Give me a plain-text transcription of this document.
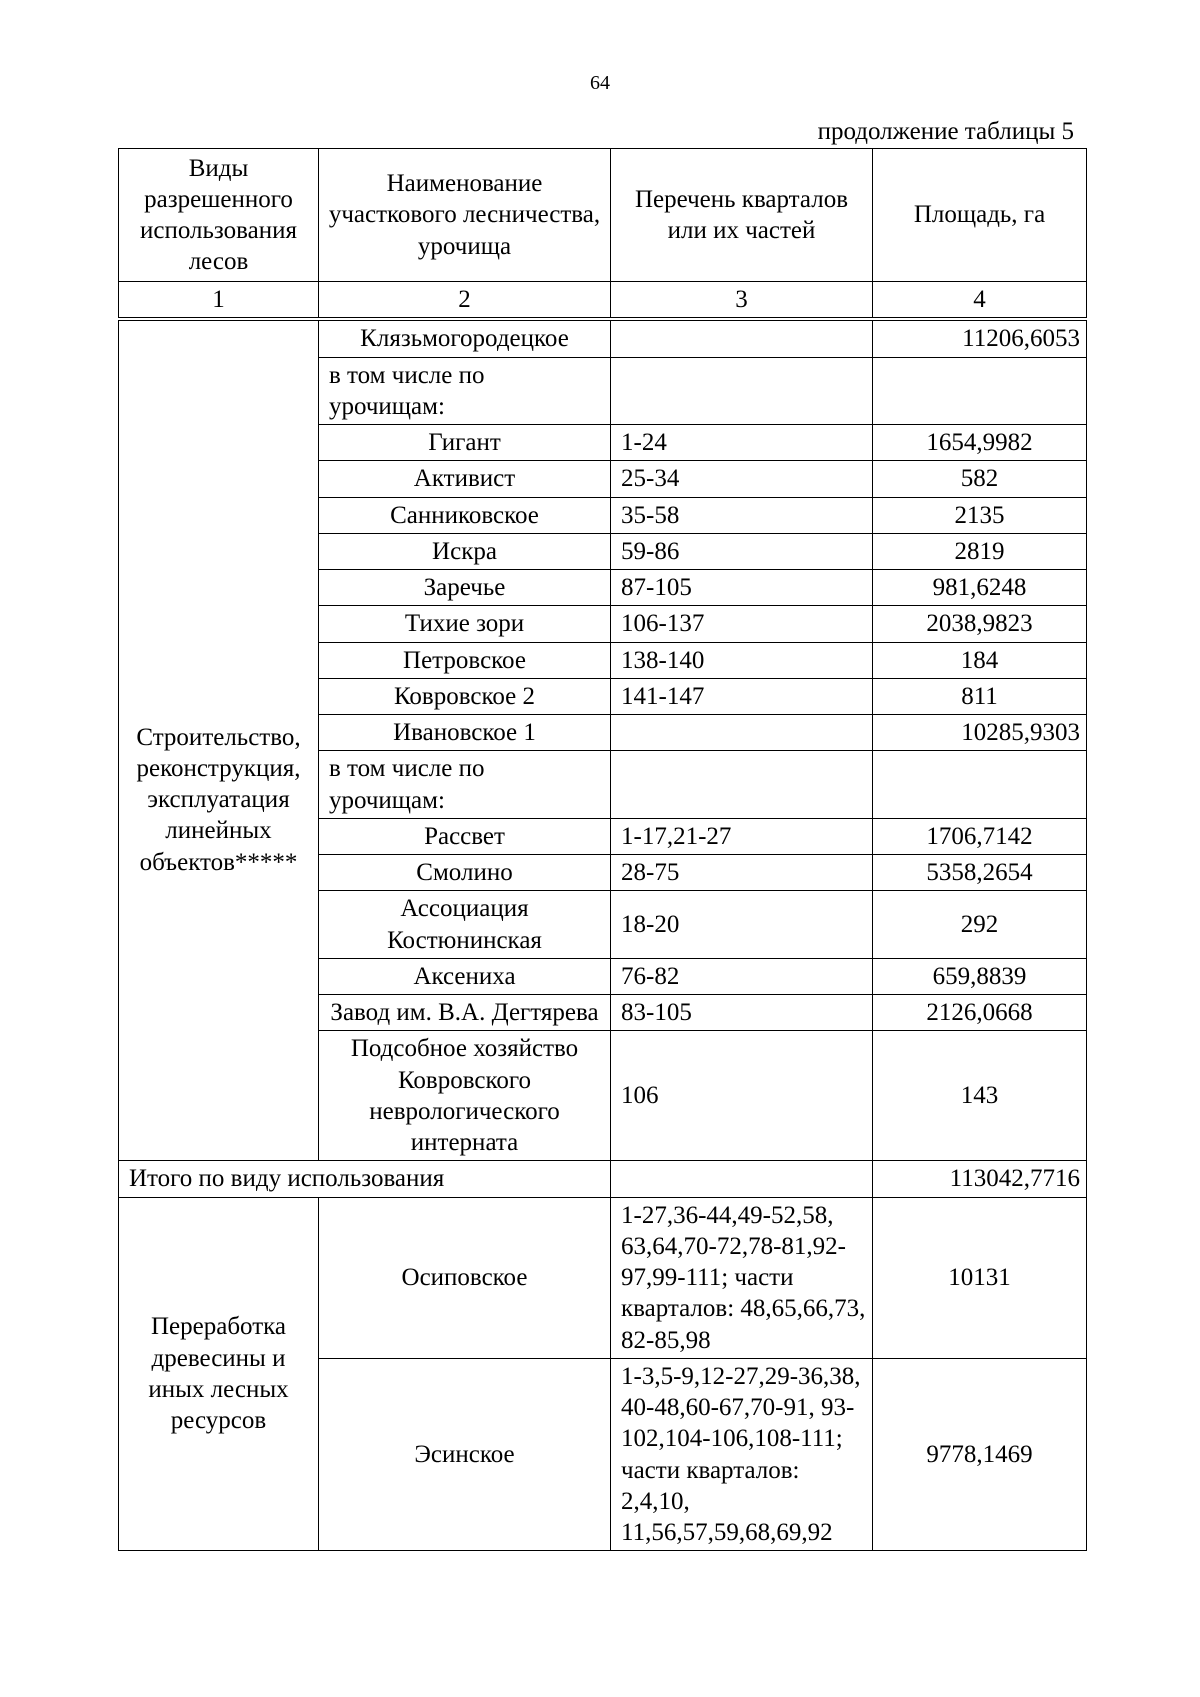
64
продолжение таблицы 5
Виды разрешенного использования лесов	Наименование участкового лесничества, урочища	Перечень кварталов или их частей	Площадь, га
1	2	3	4
Строительство, реконструкция, эксплуатация линейных объектов*****	Клязьмогородецкое		11206,6053
	в том числе по урочищам:		
	Гигант	1-24	1654,9982
	Активист	25-34	582
	Санниковское	35-58	2135
	Искра	59-86	2819
	Заречье	87-105	981,6248
	Тихие зори	106-137	2038,9823
	Петровское	138-140	184
	Ковровское 2	141-147	811
	Ивановское 1		10285,9303
	в том числе по урочищам:		
	Рассвет	1-17,21-27	1706,7142
	Смолино	28-75	5358,2654
	Ассоциация Костюнинская	18-20	292
	Аксениха	76-82	659,8839
	Завод им. В.А. Дегтярева	83-105	2126,0668
	Подсобное хозяйство Ковровского неврологического интерната	106	143
Итого по виду использования			113042,7716
Переработка древесины и иных лесных ресурсов	Осиповское	1-27,36-44,49-52,58, 63,64,70-72,78-81,92-97,99-111; части кварталов: 48,65,66,73, 82-85,98	10131
	Эсинское	1-3,5-9,12-27,29-36,38, 40-48,60-67,70-91, 93-102,104-106,108-111; части кварталов: 2,4,10, 11,56,57,59,68,69,92	9778,1469
